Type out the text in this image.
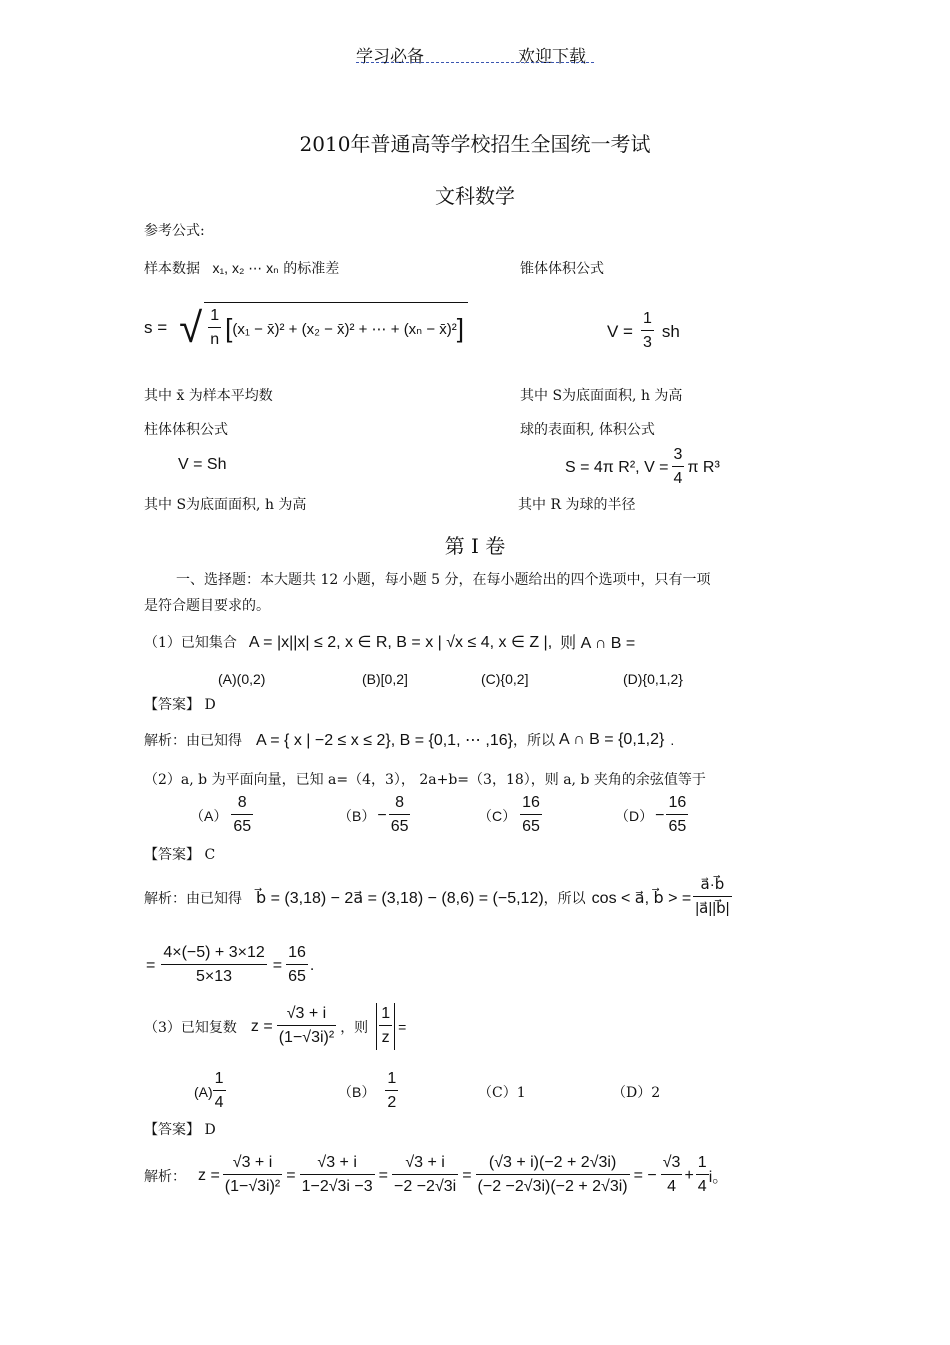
学习必备	欢迎下载
2010年普通高等学校招生全国统一考试
文科数学
参考公式:
样本数据 x₁, x₂ ⋯ xₙ 的标准差	锥体体积公式
s = √ $\frac{1}{n}$ [ (x₁ − x̄)² + (x₂ − x̄)² + ⋯ + (xₙ − x̄)² ]	$V = \frac{1}{3}$ sh
其中 x̄ 为样本平均数	其中 S为底面面积, h 为高
柱体体积公式	球的表面积, 体积公式
V = Sh	S = 4π R², $V = \frac{3}{4}$ π R³
其中 S为底面面积, h 为高	其中 R 为球的半径
第 I 卷
一、选择题：本大题共 12 小题，每小题 5 分，在每小题给出的四个选项中，只有一项
是符合题目要求的。
（1）已知集合 A = |x||x| ≤ 2, x ∈ R, B = x | √x ≤ 4, x ∈ Z |, 则 A ∩ B =
(A)(0,2)	(B)[0,2]	(C){0,2]	(D){0,1,2}
【答案】 D
解析：由已知得 A = { x | −2 ≤ x ≤ 2}, B = {0,1, ⋯ ,16} ，所以 A ∩ B = {0,1,2} .
（2）a, b 为平面向量，已知 a=（4，3）， 2a+b=（3，18），则 a, b 夹角的余弦值等于
$(A) \frac{8}{65}$	$(B) - \frac{8}{65}$	$(C) \frac{16}{65}$	$(D) - \frac{16}{65}$
【答案】 C
解析：由已知得 b⃗ = (3,18) − 2a⃗ = (3,18) − (8,6) = (−5,12) ，所以 cos < a⃗, b⃗ > = $\frac{a⃗\cdot b⃗}{|a⃗||b⃗|}$
= $\frac{4\times(-5) + 3\times 12}{5\times 13} = \frac{16}{65}$ .
（3）已知复数 $z = \frac{√3 + i}{\text{(1−√3i)²}}$ ，则 $\frac{1}{z}$ =
$(A) \frac{1}{4}$	$(B) \frac{1}{2}$	（C）1	（D）2
【答案】 D
解析： $z = \frac{√3 + i}{\text{(1−√3i)²}} = \frac{√3 + i}{1-2√3i -3} = \frac{√3 + i}{-2 -2√3i} = \frac{(√3 + i)(-2 + 2√3i)}{(-2 -2√3i)(-2 + 2√3i)}$ = − $\frac{√3}{4} + \frac{1}{4}$ i。
